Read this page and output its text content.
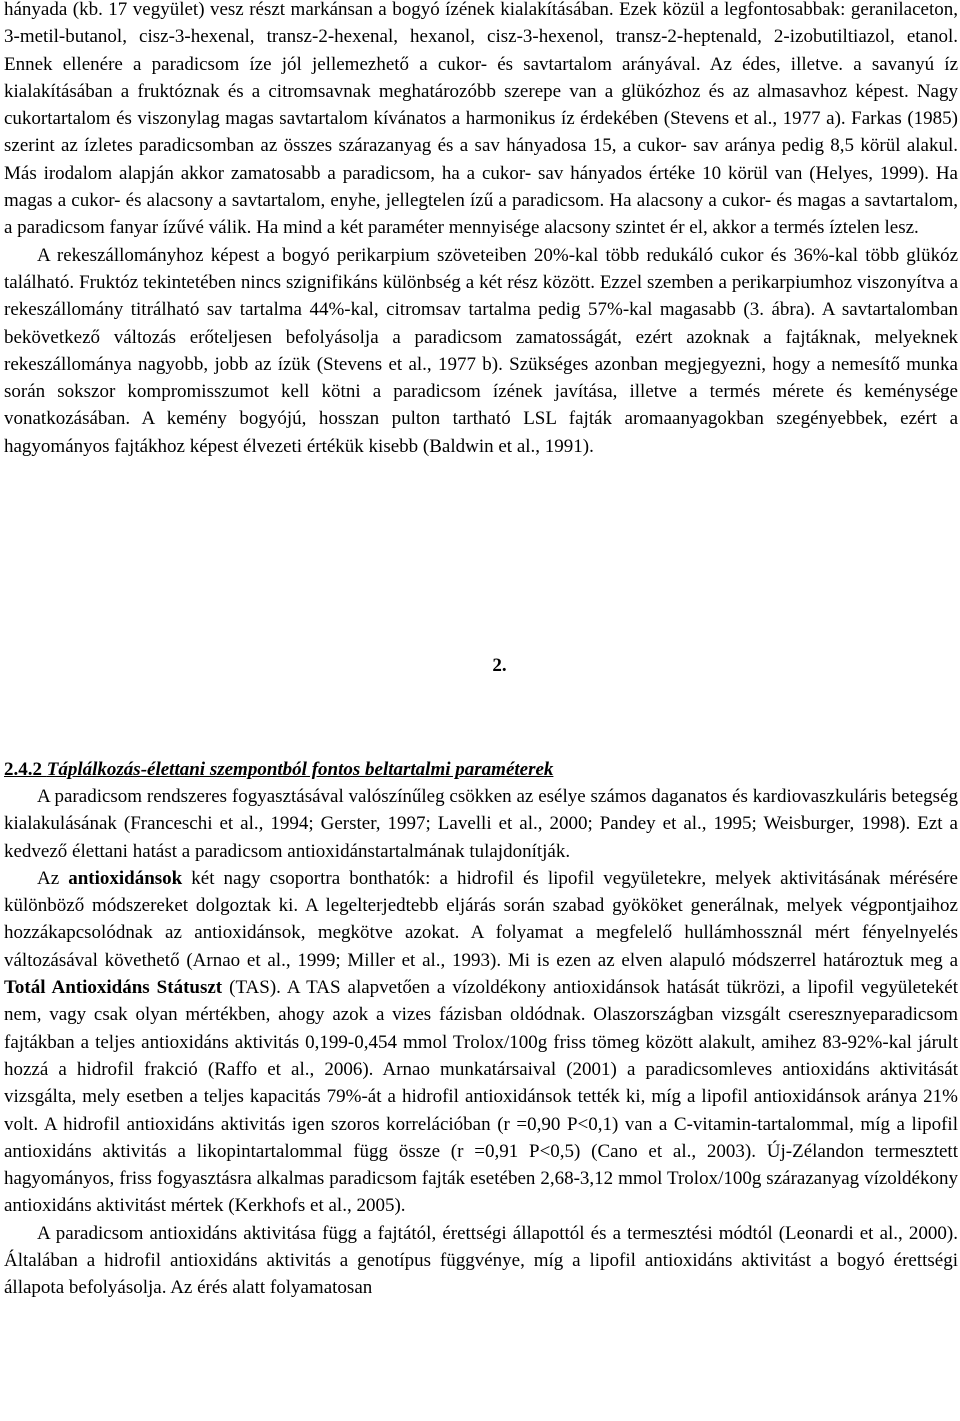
hányada (kb. 17 vegyület) vesz részt markánsan a bogyó ízének kialakításában. Ezek közül a legfontosabbak: geranilaceton, 3-metil-butanol, cisz-3-hexenal, transz-2-hexenal, hexanol, cisz-3-hexenol, transz-2-heptenald, 2-izobutiltiazol, etanol. Ennek ellenére a paradicsom íze jól jellemezhető a cukor- és savtartalom arányával. Az édes, illetve. a savanyú íz kialakításában a fruktóznak és a citromsavnak meghatározóbb szerepe van a glükózhoz és az almasavhoz képest. Nagy cukortartalom és viszonylag magas savtartalom kívánatos a harmonikus íz érdekében (Stevens et al., 1977 a). Farkas (1985) szerint az ízletes paradicsomban az összes szárazanyag és a sav hányadosa 15, a cukor- sav aránya pedig 8,5 körül alakul. Más irodalom alapján akkor zamatosabb a paradicsom, ha a cukor- sav hányados értéke 10 körül van (Helyes, 1999). Ha magas a cukor- és alacsony a savtartalom, enyhe, jellegtelen ízű a paradicsom. Ha alacsony a cukor- és magas a savtartalom, a paradicsom fanyar ízűvé válik. Ha mind a két paraméter mennyisége alacsony szintet ér el, akkor a termés íztelen lesz.

A rekeszállományhoz képest a bogyó perikarpium szöveteiben 20%-kal több redukáló cukor és 36%-kal több glükóz található. Fruktóz tekintetében nincs szignifikáns különbség a két rész között. Ezzel szemben a perikarpiumhoz viszonyítva a rekeszállomány titrálható sav tartalma 44%-kal, citromsav tartalma pedig 57%-kal magasabb (3. ábra). A savtartalomban bekövetkező változás erőteljesen befolyásolja a paradicsom zamatosságát, ezért azoknak a fajtáknak, melyeknek rekeszállománya nagyobb, jobb az ízük (Stevens et al., 1977 b). Szükséges azonban megjegyezni, hogy a nemesítő munka során sokszor kompromisszumot kell kötni a paradicsom ízének javítása, illetve a termés mérete és keménysége vonatkozásában. A kemény bogyójú, hosszan pulton tartható LSL fajták aromaanyagokban szegényebbek, ezért a hagyományos fajtákhoz képest élvezeti értékük kisebb (Baldwin et al., 1991).

2.

2.4.2 Táplálkozás-élettani szempontból fontos beltartalmi paraméterek

A paradicsom rendszeres fogyasztásával valószínűleg csökken az esélye számos daganatos és kardiovaszkuláris betegség kialakulásának (Franceschi et al., 1994; Gerster, 1997; Lavelli et al., 2000; Pandey et al., 1995; Weisburger, 1998). Ezt a kedvező élettani hatást a paradicsom antioxidánstartalmának tulajdonítják.

Az antioxidánsok két nagy csoportra bonthatók: a hidrofil és lipofil vegyületekre, melyek aktivitásának mérésére különböző módszereket dolgoztak ki. A legelterjedtebb eljárás során szabad gyököket generálnak, melyek végpontjaihoz hozzákapcsolódnak az antioxidánsok, megkötve azokat. A folyamat a megfelelő hullámhossznál mért fényelnyelés változásával követhető (Arnao et al., 1999; Miller et al., 1993). Mi is ezen az elven alapuló módszerrel határoztuk meg a Totál Antioxidáns Státuszt (TAS). A TAS alapvetően a vízoldékony antioxidánsok hatását tükrözi, a lipofil vegyületekét nem, vagy csak olyan mértékben, ahogy azok a vizes fázisban oldódnak. Olaszországban vizsgált cseresznyeparadicsom fajtákban a teljes antioxidáns aktivitás 0,199-0,454 mmol Trolox/100g friss tömeg között alakult, amihez 83-92%-kal járult hozzá a hidrofil frakció (Raffo et al., 2006). Arnao munkatársaival (2001) a paradicsomleves antioxidáns aktivitását vizsgálta, mely esetben a teljes kapacitás 79%-át a hidrofil antioxidánsok tették ki, míg a lipofil antioxidánsok aránya 21% volt. A hidrofil antioxidáns aktivitás igen szoros korrelációban (r =0,90 P<0,1) van a C-vitamin-tartalommal, míg a lipofil antioxidáns aktivitás a likopintartalommal függ össze (r =0,91 P<0,5) (Cano et al., 2003). Új-Zélandon termesztett hagyományos, friss fogyasztásra alkalmas paradicsom fajták esetében 2,68-3,12 mmol Trolox/100g szárazanyag vízoldékony antioxidáns aktivitást mértek (Kerkhofs et al., 2005).

A paradicsom antioxidáns aktivitása függ a fajtától, érettségi állapottól és a termesztési módtól (Leonardi et al., 2000). Általában a hidrofil antioxidáns aktivitás a genotípus függvénye, míg a lipofil antioxidáns aktivitást a bogyó érettségi állapota befolyásolja. Az érés alatt folyamatosan
